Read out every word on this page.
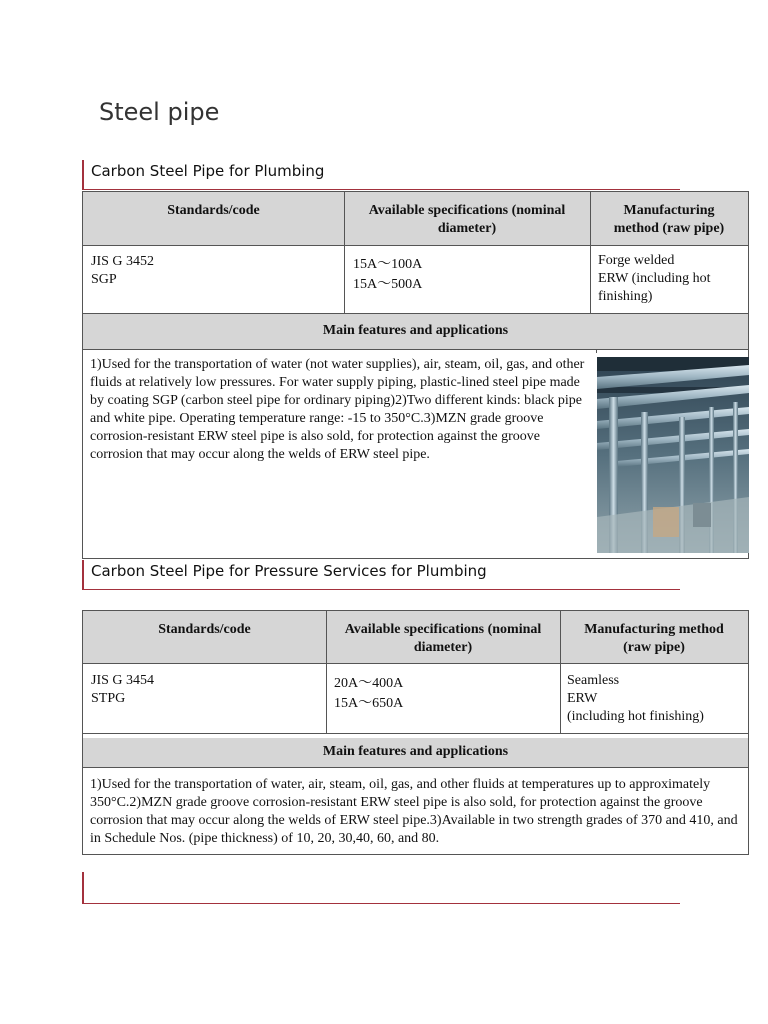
Steel pipe
Carbon Steel Pipe for Plumbing
Standards/code	Available specifications (nominal diameter)
Manufacturing method (raw pipe)
JIS G 3452
SGP
15A～100A
15A～500A
Forge welded
ERW (including hot finishing)
Main features and applications
1)Used for the transportation of water (not water supplies), air, steam, oil, gas, and other fluids at relatively low pressures. For water supply piping, plastic-lined steel pipe made by coating SGP (carbon steel pipe for ordinary piping)2)Two different kinds: black pipe and white pipe. Operating temperature range: -15 to 350°C.3)MZN grade groove corrosion-resistant ERW steel pipe is also sold, for protection against the groove corrosion that may occur along the welds of ERW steel pipe.
Carbon Steel Pipe for Pressure Services for Plumbing
Standards/code	Available specifications (nominal diameter)
Manufacturing method (raw pipe)
JIS G 3454
STPG
20A～400A
15A～650A
Seamless
ERW
(including hot finishing)
Main features and applications
1)Used for the transportation of water, air, steam, oil, gas, and other fluids at temperatures up to approximately 350°C.2)MZN grade groove corrosion-resistant ERW steel pipe is also sold, for protection against the groove corrosion that may occur along the welds of ERW steel pipe.3)Available in two strength grades of 370 and 410, and in Schedule Nos. (pipe thickness) of 10, 20, 30,40, 60, and 80.
